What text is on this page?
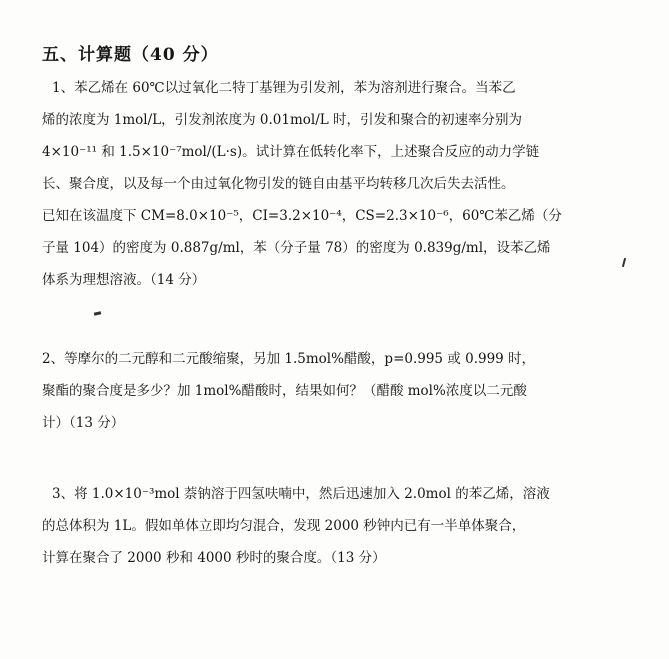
五、计算题（40 分）
1、苯乙烯在 60℃以过氧化二特丁基锂为引发剂，苯为溶剂进行聚合。当苯乙
烯的浓度为 1mol/L，引发剂浓度为 0.01mol/L 时，引发和聚合的初速率分别为
4×10⁻¹¹ 和 1.5×10⁻⁷mol/(L·s)。试计算在低转化率下，上述聚合反应的动力学链
长、聚合度，以及每一个由过氧化物引发的链自由基平均转移几次后失去活性。
已知在该温度下 CM=8.0×10⁻⁵，CI=3.2×10⁻⁴，CS=2.3×10⁻⁶，60℃苯乙烯（分
子量 104）的密度为 0.887g/ml，苯（分子量 78）的密度为 0.839g/ml，设苯乙烯
体系为理想溶液。（14 分）
2、等摩尔的二元醇和二元酸缩聚，另加 1.5mol%醋酸，p=0.995 或 0.999 时，
聚酯的聚合度是多少？加 1mol%醋酸时，结果如何？（醋酸 mol%浓度以二元酸
计）（13 分）
3、将 1.0×10⁻³mol 萘钠溶于四氢呋喃中，然后迅速加入 2.0mol 的苯乙烯，溶液
的总体积为 1L。假如单体立即均匀混合，发现 2000 秒钟内已有一半单体聚合，
计算在聚合了 2000 秒和 4000 秒时的聚合度。（13 分）
